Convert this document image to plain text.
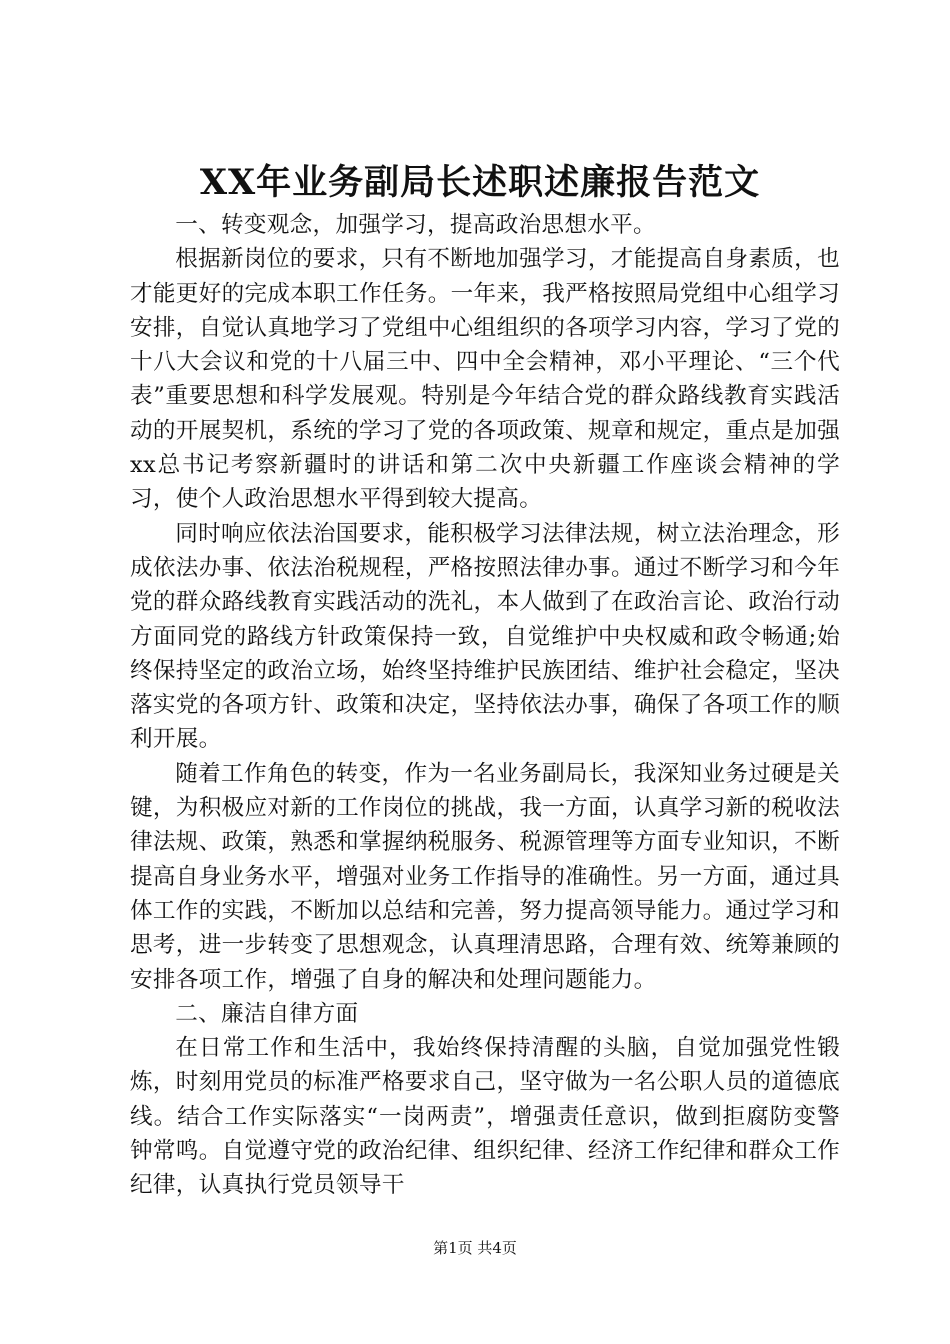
XX年业务副局长述职述廉报告范文

一、转变观念，加强学习，提高政治思想水平。

根据新岗位的要求，只有不断地加强学习，才能提高自身素质，也才能更好的完成本职工作任务。一年来，我严格按照局党组中心组学习安排，自觉认真地学习了党组中心组组织的各项学习内容，学习了党的十八大会议和党的十八届三中、四中全会精神，邓小平理论、“三个代表”重要思想和科学发展观。特别是今年结合党的群众路线教育实践活动的开展契机，系统的学习了党的各项政策、规章和规定，重点是加强xx总书记考察新疆时的讲话和第二次中央新疆工作座谈会精神的学习，使个人政治思想水平得到较大提高。

同时响应依法治国要求，能积极学习法律法规，树立法治理念，形成依法办事、依法治税规程，严格按照法律办事。通过不断学习和今年党的群众路线教育实践活动的洗礼，本人做到了在政治言论、政治行动方面同党的路线方针政策保持一致，自觉维护中央权威和政令畅通;始终保持坚定的政治立场，始终坚持维护民族团结、维护社会稳定，坚决落实党的各项方针、政策和决定，坚持依法办事，确保了各项工作的顺利开展。

随着工作角色的转变，作为一名业务副局长，我深知业务过硬是关键，为积极应对新的工作岗位的挑战，我一方面，认真学习新的税收法律法规、政策，熟悉和掌握纳税服务、税源管理等方面专业知识，不断提高自身业务水平，增强对业务工作指导的准确性。另一方面，通过具体工作的实践，不断加以总结和完善，努力提高领导能力。通过学习和思考，进一步转变了思想观念，认真理清思路，合理有效、统筹兼顾的安排各项工作，增强了自身的解决和处理问题能力。

二、廉洁自律方面

在日常工作和生活中，我始终保持清醒的头脑，自觉加强党性锻炼，时刻用党员的标准严格要求自己，坚守做为一名公职人员的道德底线。结合工作实际落实“一岗两责”，增强责任意识，做到拒腐防变警钟常鸣。自觉遵守党的政治纪律、组织纪律、经济工作纪律和群众工作纪律，认真执行党员领导干

第1页 共4页
